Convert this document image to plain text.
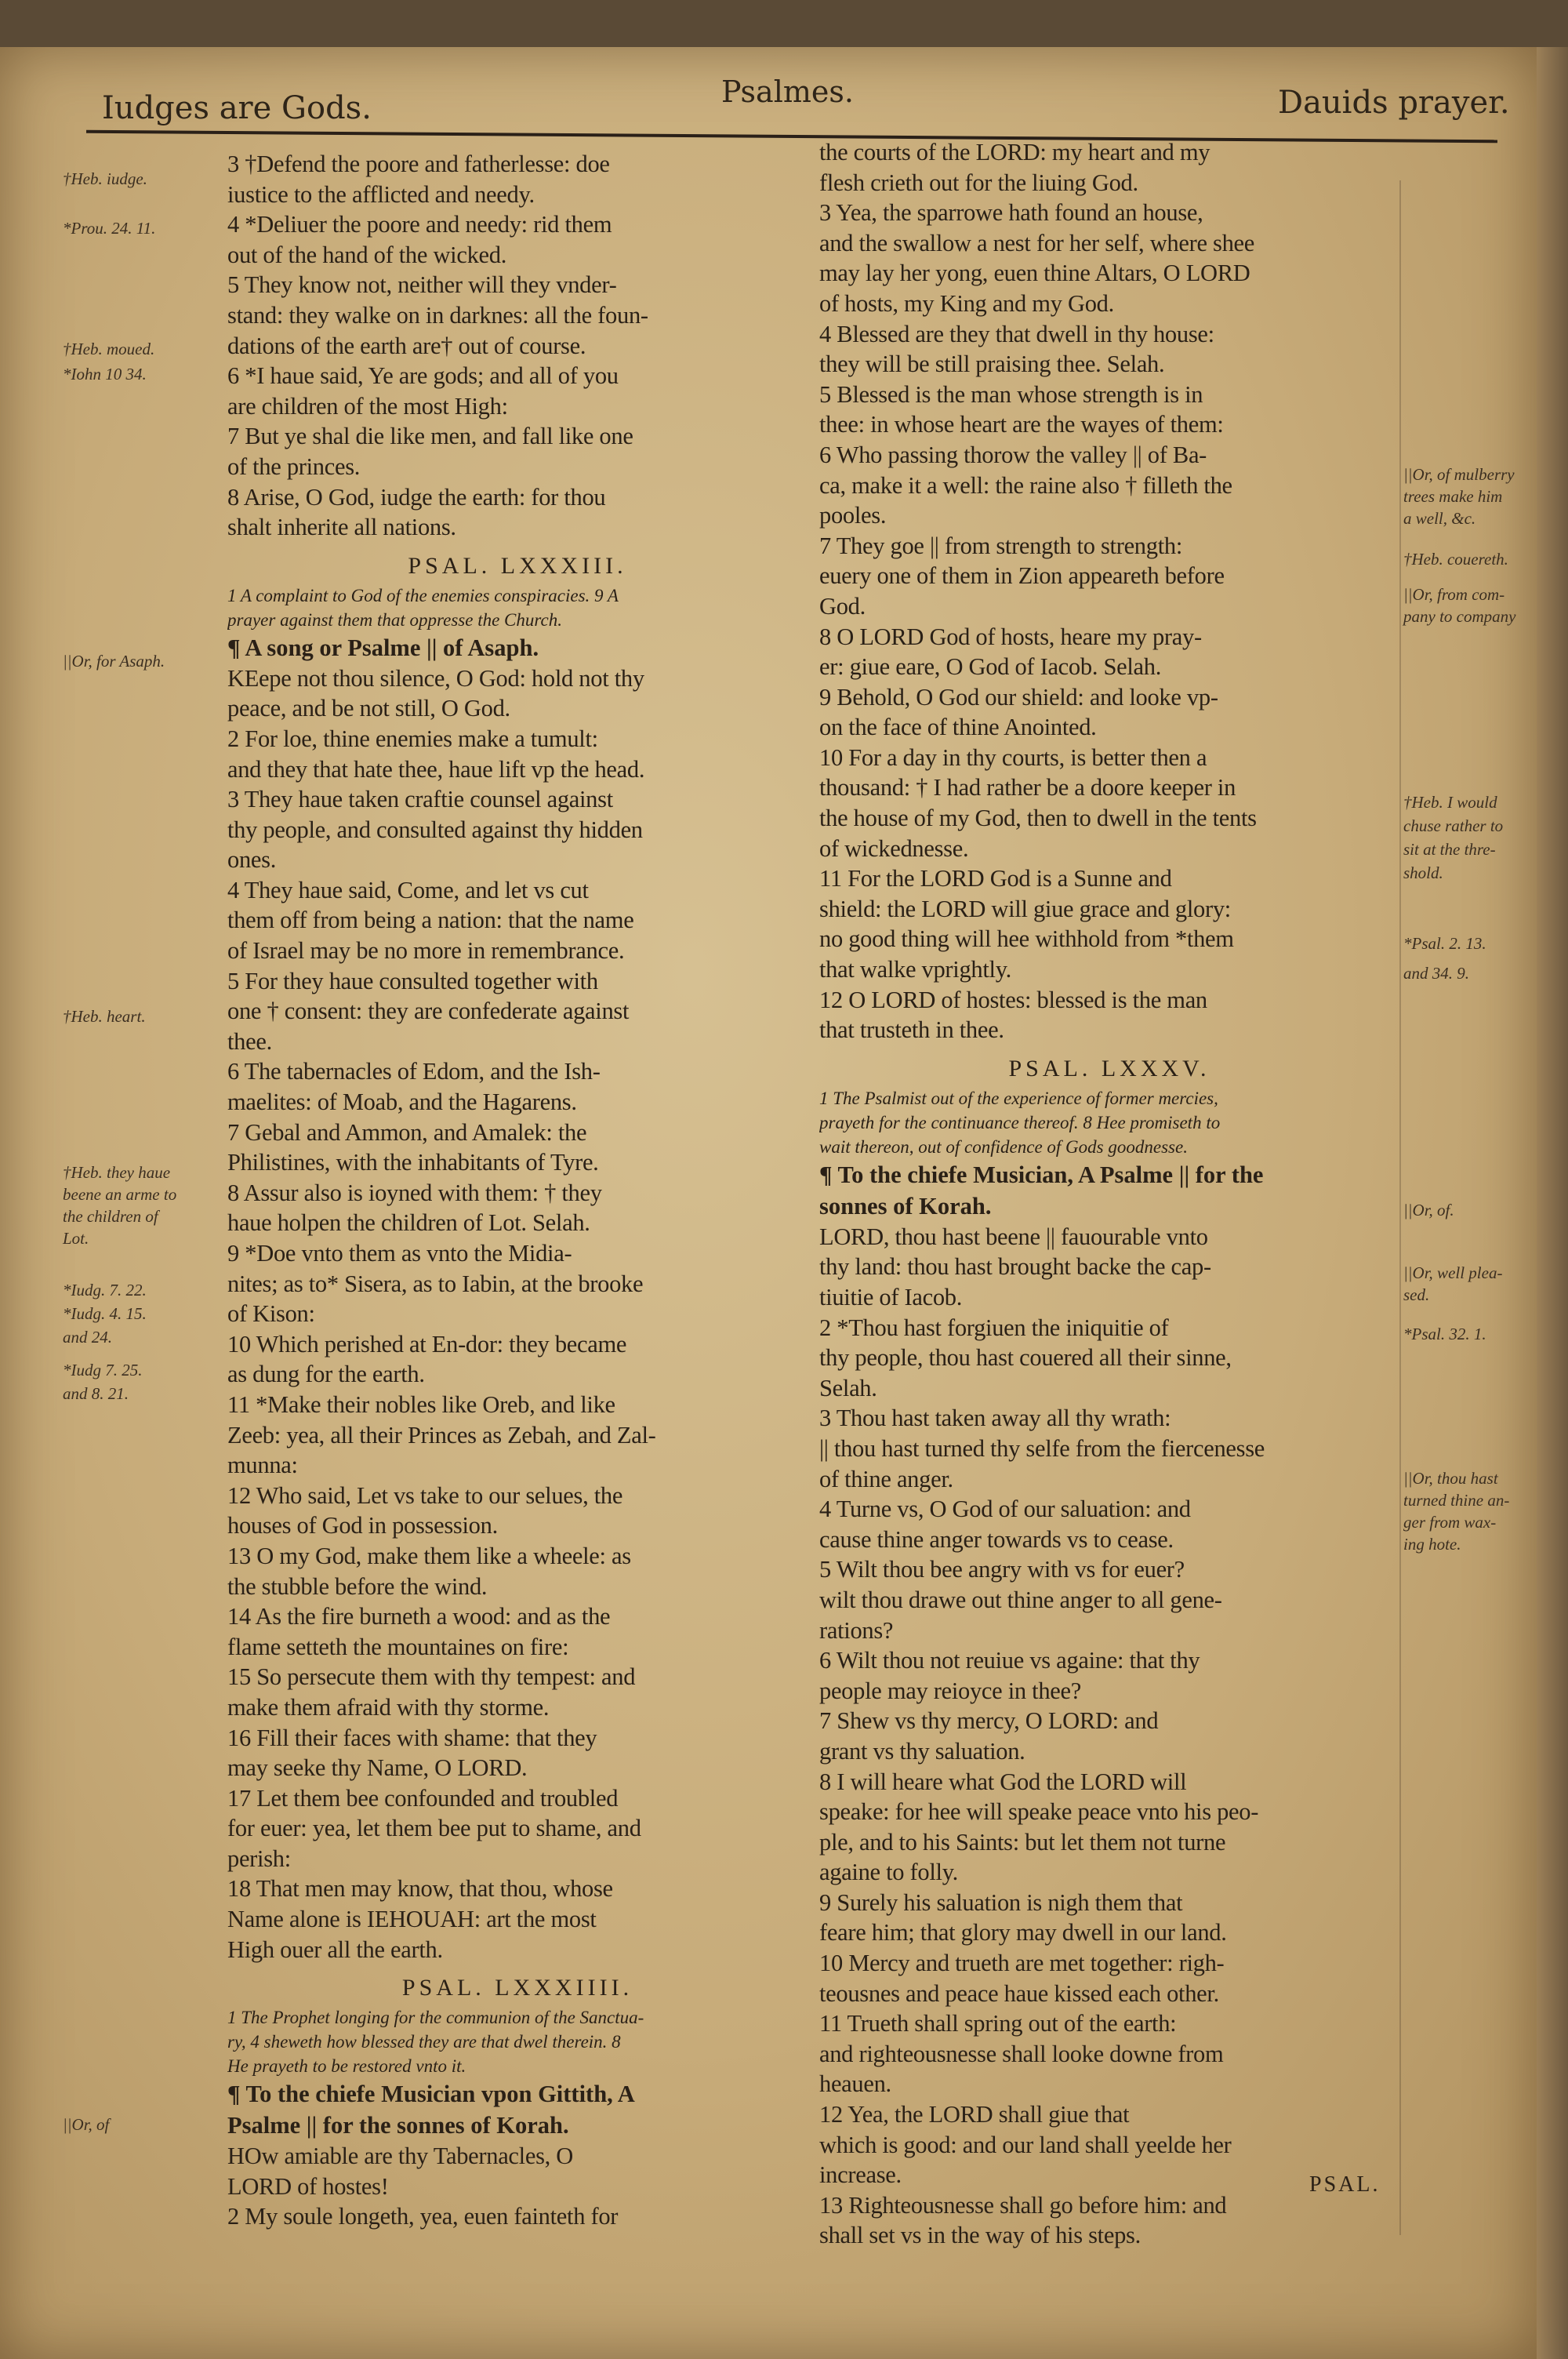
Iudges are Gods.	Psalmes.	Dauids prayer.
3 †Defend the poore and fatherlesse: doe
iustice to the afflicted and needy.
4 *Deliuer the poore and needy: rid them
out of the hand of the wicked.
5 They know not, neither will they vnder-
stand: they walke on in darknes: all the foun-
dations of the earth are† out of course.
6 *I haue said, Ye are gods; and all of you
are children of the most High:
7 But ye shal die like men, and fall like one
of the princes.
8 Arise, O God, iudge the earth: for thou
shalt inherite all nations.
PSAL. LXXXIII.
1 A complaint to God of the enemies conspiracies. 9 A
prayer against them that oppresse the Church.
¶ A song or Psalme || of Asaph.
KEepe not thou silence, O God: hold not thy
peace, and be not still, O God.
2 For loe, thine enemies make a tumult:
and they that hate thee, haue lift vp the head.
3 They haue taken craftie counsel against
thy people, and consulted against thy hidden
ones.
4 They haue said, Come, and let vs cut
them off from being a nation: that the name
of Israel may be no more in remembrance.
5 For they haue consulted together with
one † consent: they are confederate against
thee.
6 The tabernacles of Edom, and the Ish-
maelites: of Moab, and the Hagarens.
7 Gebal and Ammon, and Amalek: the
Philistines, with the inhabitants of Tyre.
8 Assur also is ioyned with them: † they
haue holpen the children of Lot. Selah.
9 *Doe vnto them as vnto the Midia-
nites; as to* Sisera, as to Iabin, at the brooke
of Kison:
10 Which perished at En-dor: they became
as dung for the earth.
11 *Make their nobles like Oreb, and like
Zeeb: yea, all their Princes as Zebah, and Zal-
munna:
12 Who said, Let vs take to our selues, the
houses of God in possession.
13 O my God, make them like a wheele: as
the stubble before the wind.
14 As the fire burneth a wood: and as the
flame setteth the mountaines on fire:
15 So persecute them with thy tempest: and
make them afraid with thy storme.
16 Fill their faces with shame: that they
may seeke thy Name, O LORD.
17 Let them bee confounded and troubled
for euer: yea, let them bee put to shame, and
perish:
18 That men may know, that thou, whose
Name alone is IEHOUAH: art the most
High ouer all the earth.
PSAL. LXXXIIII.
1 The Prophet longing for the communion of the Sanctua-
ry, 4 sheweth how blessed they are that dwel therein. 8
He prayeth to be restored vnto it.
¶ To the chiefe Musician vpon Gittith, A
Psalme || for the sonnes of Korah.
HOw amiable are thy Tabernacles, O
LORD of hostes!
2 My soule longeth, yea, euen fainteth for
the courts of the LORD: my heart and my
flesh crieth out for the liuing God.
3 Yea, the sparrowe hath found an house,
and the swallow a nest for her self, where shee
may lay her yong, euen thine Altars, O LORD
of hosts, my King and my God.
4 Blessed are they that dwell in thy house:
they will be still praising thee. Selah.
5 Blessed is the man whose strength is in
thee: in whose heart are the wayes of them:
6 Who passing thorow the valley || of Ba-
ca, make it a well: the raine also † filleth the
pooles.
7 They goe || from strength to strength:
euery one of them in Zion appeareth before
God.
8 O LORD God of hosts, heare my pray-
er: giue eare, O God of Iacob. Selah.
9 Behold, O God our shield: and looke vp-
on the face of thine Anointed.
10 For a day in thy courts, is better then a
thousand: † I had rather be a doore keeper in
the house of my God, then to dwell in the tents
of wickednesse.
11 For the LORD God is a Sunne and
shield: the LORD will giue grace and glory:
no good thing will hee withhold from *them
that walke vprightly.
12 O LORD of hostes: blessed is the man
that trusteth in thee.
PSAL. LXXXV.
1 The Psalmist out of the experience of former mercies,
prayeth for the continuance thereof. 8 Hee promiseth to
wait thereon, out of confidence of Gods goodnesse.
¶ To the chiefe Musician, A Psalme || for the
sonnes of Korah.
LORD, thou hast beene || fauourable vnto
thy land: thou hast brought backe the cap-
tiuitie of Iacob.
2 *Thou hast forgiuen the iniquitie of
thy people, thou hast couered all their sinne,
Selah.
3 Thou hast taken away all thy wrath:
|| thou hast turned thy selfe from the fiercenesse
of thine anger.
4 Turne vs, O God of our saluation: and
cause thine anger towards vs to cease.
5 Wilt thou bee angry with vs for euer?
wilt thou drawe out thine anger to all gene-
rations?
6 Wilt thou not reuiue vs againe: that thy
people may reioyce in thee?
7 Shew vs thy mercy, O LORD: and
grant vs thy saluation.
8 I will heare what God the LORD will
speake: for hee will speake peace vnto his peo-
ple, and to his Saints: but let them not turne
againe to folly.
9 Surely his saluation is nigh them that
feare him; that glory may dwell in our land.
10 Mercy and trueth are met together: righ-
teousnes and peace haue kissed each other.
11 Trueth shall spring out of the earth:
and righteousnesse shall looke downe from
heauen.
12 Yea, the LORD shall giue that
which is good: and our land shall yeelde her
increase.
13 Righteousnesse shall go before him: and
shall set vs in the way of his steps.
PSAL.
†Heb. iudge.
*Prou. 24. 11.
†Heb. moued.
*Iohn 10 34.
||Or, for Asaph.
†Heb. heart.
†Heb. they haue
beene an arme to
the children of
Lot.
*Iudg. 7. 22.
*Iudg. 4. 15.
and 24.
*Iudg 7. 25.
and 8. 21.
||Or, of
||Or, of mulberry
trees make him
a well, &c.
†Heb. couereth.
||Or, from com-
pany to company
†Heb. I would
chuse rather to
sit at the thre-
shold.
*Psal. 2. 13.
and 34. 9.
||Or, of.
||Or, well plea-
sed.
*Psal. 32. 1.
||Or, thou hast
turned thine an-
ger from wax-
ing hote.
